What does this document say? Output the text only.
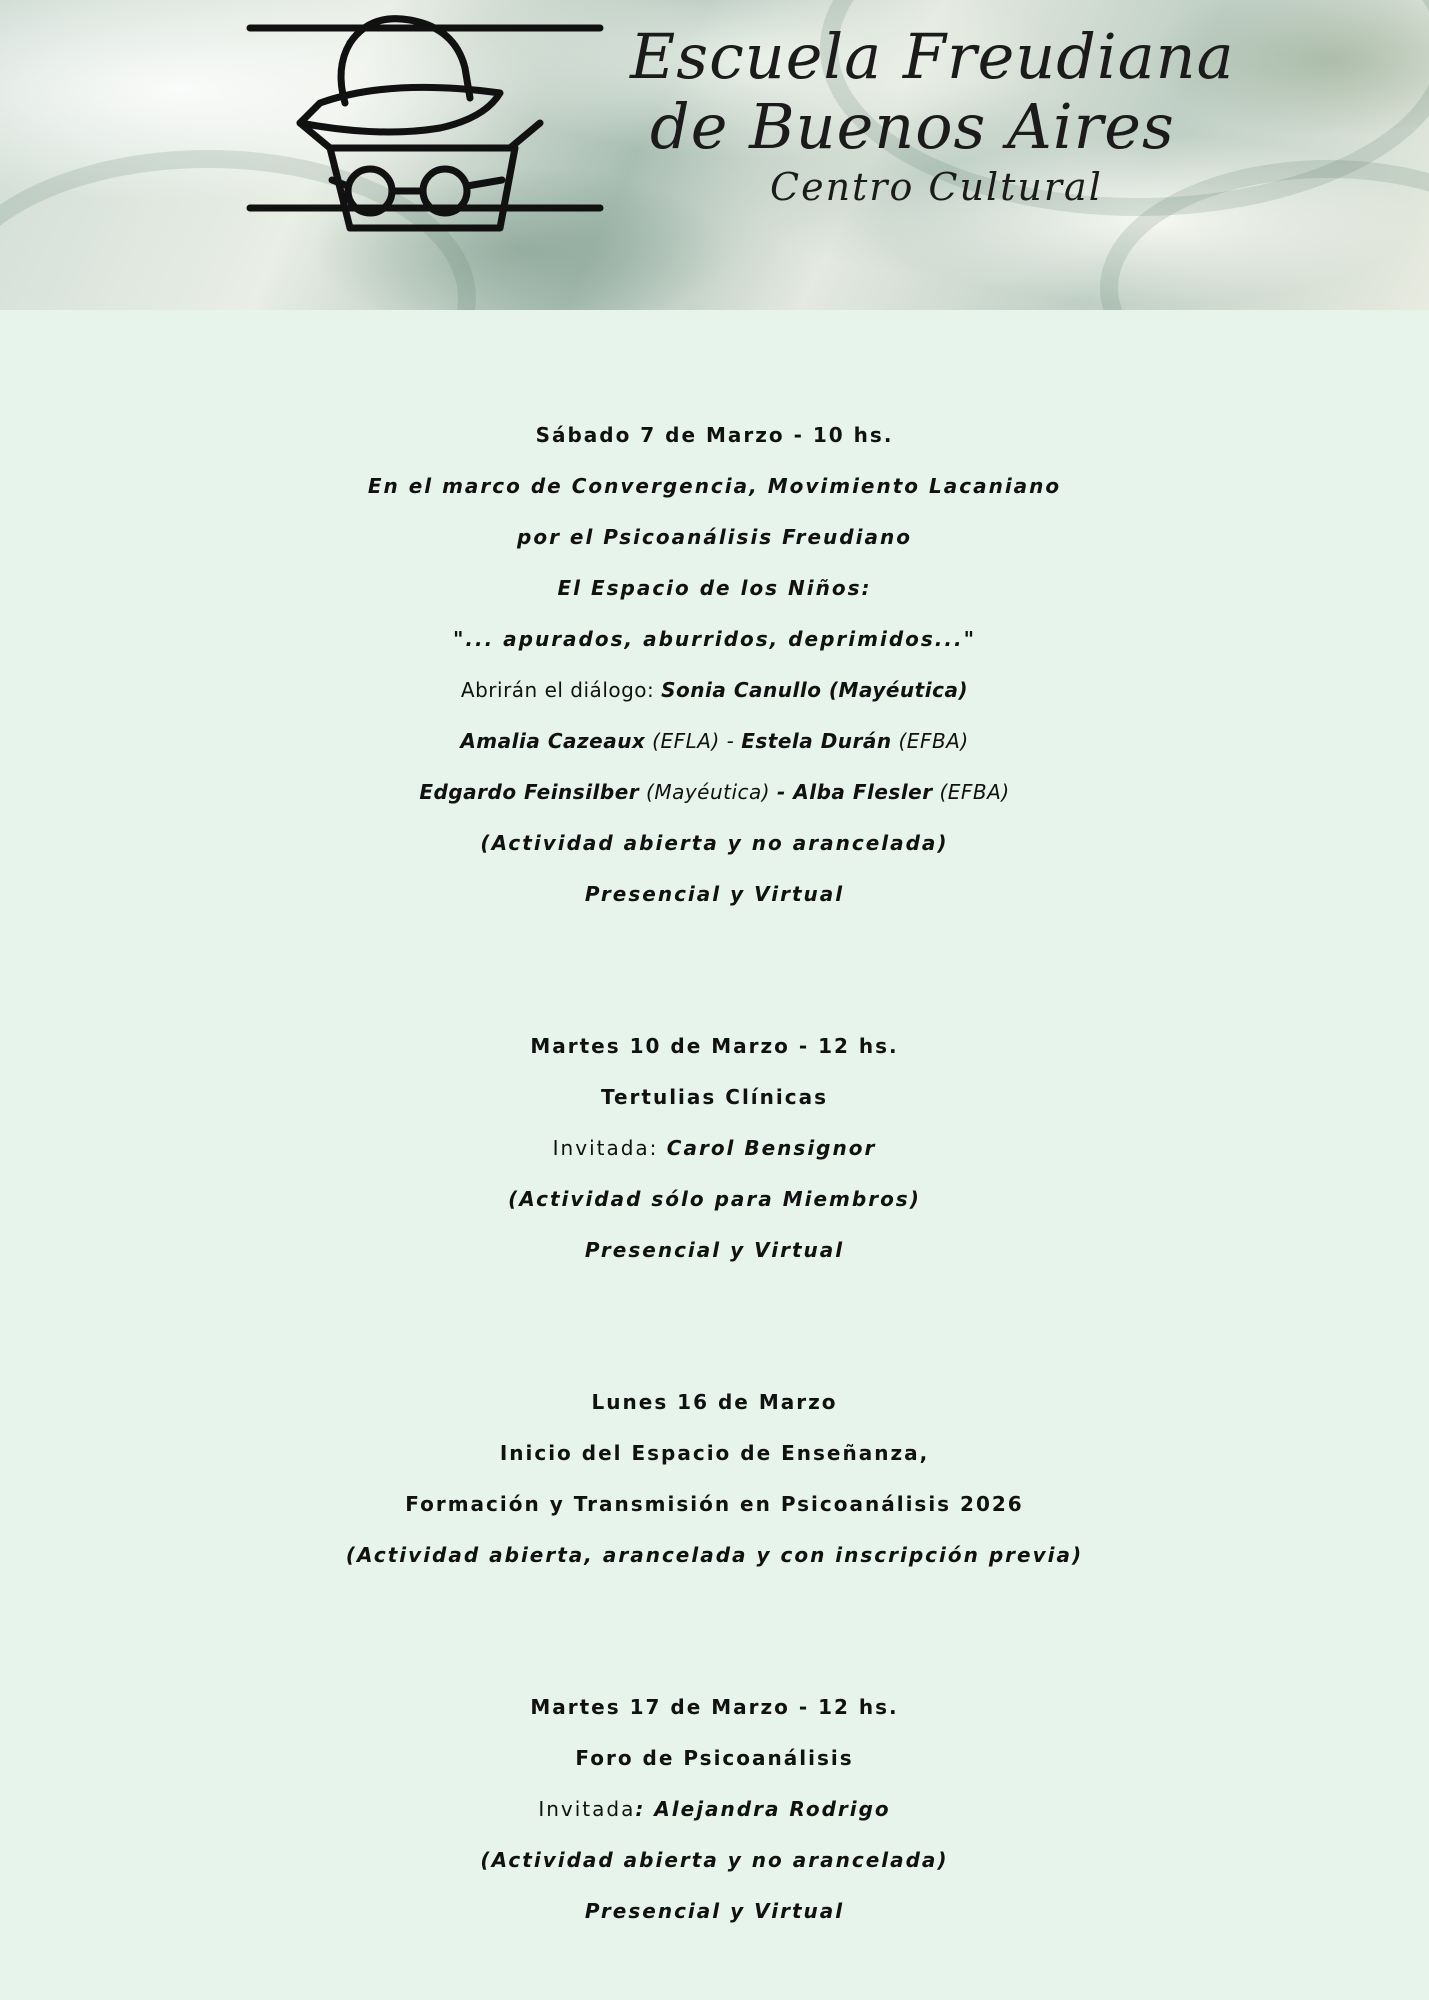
Escuela Freudiana
de Buenos Aires
Centro Cultural
Sábado 7 de Marzo - 10 hs.
En el marco de Convergencia, Movimiento Lacaniano
por el Psicoanálisis Freudiano
El Espacio de los Niños:
"... apurados, aburridos, deprimidos..."
Abrirán el diálogo: Sonia Canullo (Mayéutica)
Amalia Cazeaux (EFLA) - Estela Durán (EFBA)
Edgardo Feinsilber (Mayéutica) - Alba Flesler (EFBA)
(Actividad abierta y no arancelada)
Presencial y Virtual
Martes 10 de Marzo - 12 hs.
Tertulias Clínicas
Invitada: Carol Bensignor
(Actividad sólo para Miembros)
Presencial y Virtual
Lunes 16 de Marzo
Inicio del Espacio de Enseñanza,
Formación y Transmisión en Psicoanálisis 2026
(Actividad abierta, arancelada y con inscripción previa)
Martes 17 de Marzo - 12 hs.
Foro de Psicoanálisis
Invitada: Alejandra Rodrigo
(Actividad abierta y no arancelada)
Presencial y Virtual
